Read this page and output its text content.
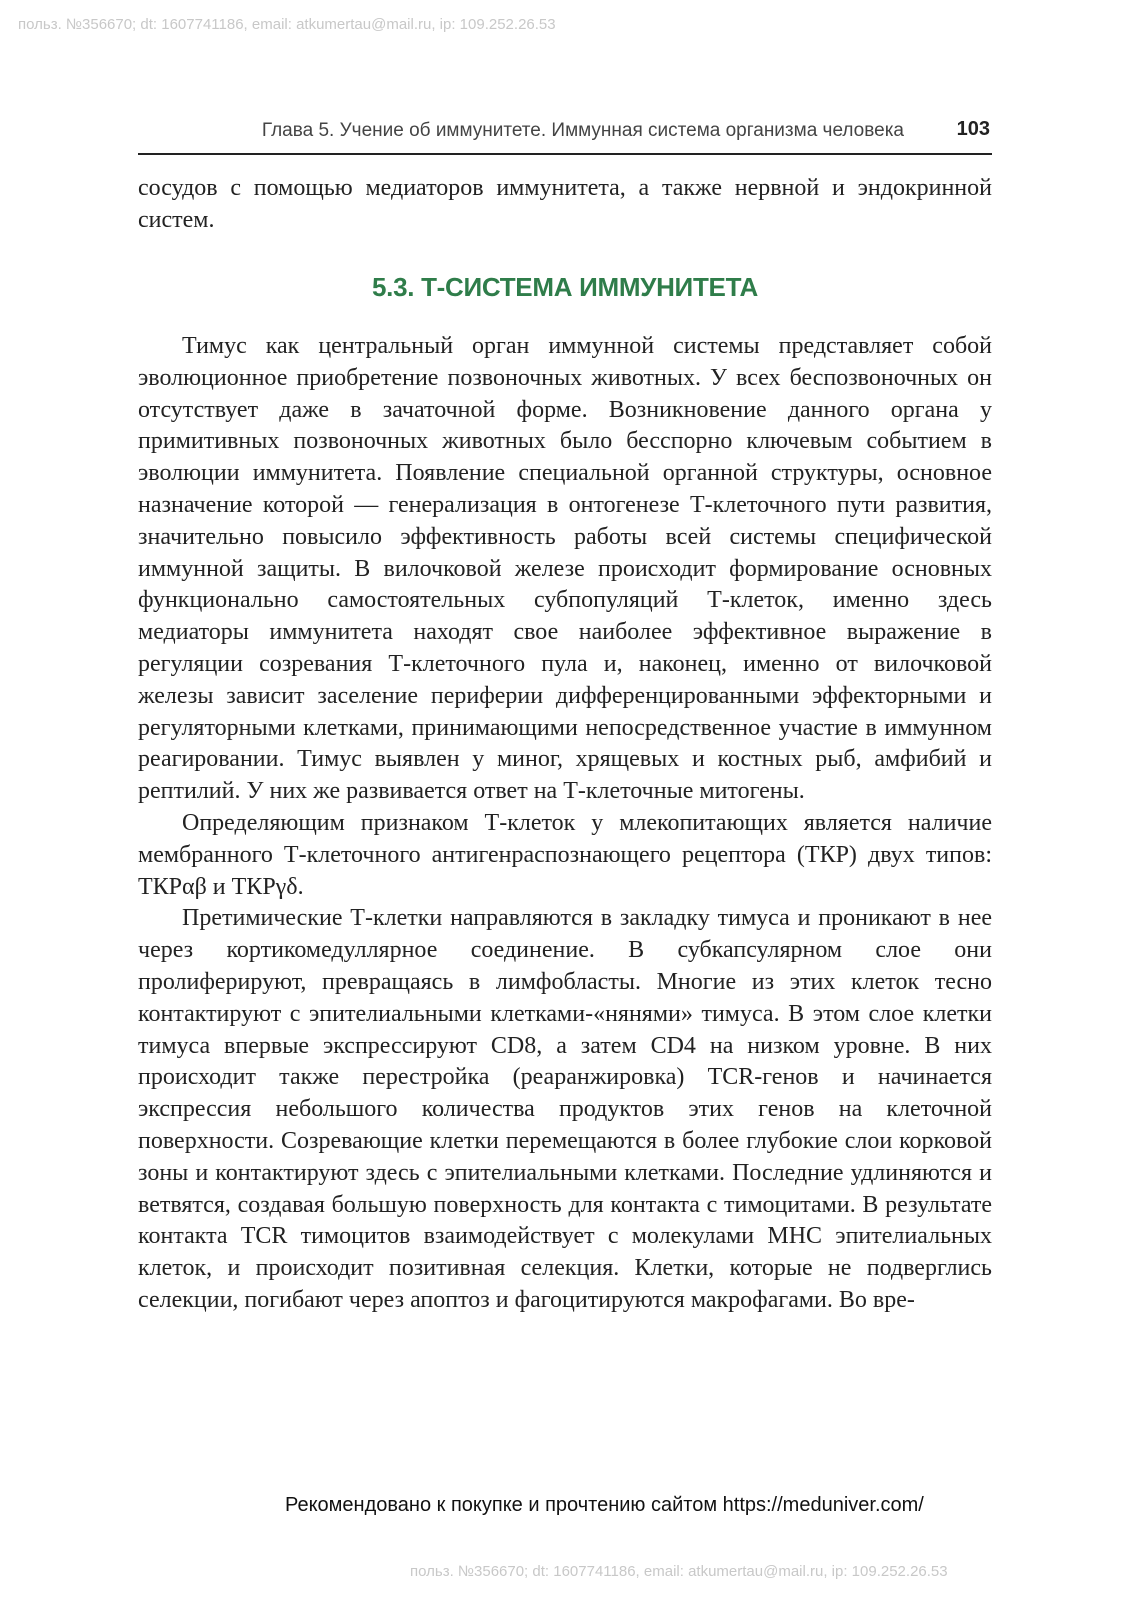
польз. №356670; dt: 1607741186, email: atkumertau@mail.ru, ip: 109.252.26.53
Глава 5. Учение об иммунитете. Иммунная система организма человека	103

сосудов с помощью медиаторов иммунитета, а также нервной и эндокринной систем.

5.3. Т-СИСТЕМА ИММУНИТЕТА

Тимус как центральный орган иммунной системы представляет собой эволюционное приобретение позвоночных животных. У всех беспозвоночных он отсутствует даже в зачаточной форме. Возникновение данного органа у примитивных позвоночных животных было бесспорно ключевым событием в эволюции иммунитета. Появление специальной органной структуры, основное назначение которой — генерализация в онтогенезе Т-клеточного пути развития, значительно повысило эффективность работы всей системы специфической иммунной защиты. В вилочковой железе происходит формирование основных функционально самостоятельных субпопуляций Т-клеток, именно здесь медиаторы иммунитета находят свое наиболее эффективное выражение в регуляции созревания Т-клеточного пула и, наконец, именно от вилочковой железы зависит заселение периферии дифференцированными эффекторными и регуляторными клетками, принимающими непосредственное участие в иммунном реагировании. Тимус выявлен у миног, хрящевых и костных рыб, амфибий и рептилий. У них же развивается ответ на Т-клеточные митогены.

Определяющим признаком Т-клеток у млекопитающих является наличие мембранного Т-клеточного антигенраспознающего рецептора (ТКР) двух типов: ТКРαβ и ТКРγδ.

Претимические Т-клетки направляются в закладку тимуса и проникают в нее через кортикомедуллярное соединение. В субкапсулярном слое они пролиферируют, превращаясь в лимфобласты. Многие из этих клеток тесно контактируют с эпителиальными клетками-«нянями» тимуса. В этом слое клетки тимуса впервые экспрессируют CD8, а затем CD4 на низком уровне. В них происходит также перестройка (реаранжировка) TCR-генов и начинается экспрессия небольшого количества продуктов этих генов на клеточной поверхности. Созревающие клетки перемещаются в более глубокие слои корковой зоны и контактируют здесь с эпителиальными клетками. Последние удлиняются и ветвятся, создавая большую поверхность для контакта с тимоцитами. В результате контакта TCR тимоцитов взаимодействует с молекулами MHC эпителиальных клеток, и происходит позитивная селекция. Клетки, которые не подверглись селекции, погибают через апоптоз и фагоцитируются макрофагами. Во вре-

Рекомендовано к покупке и прочтению сайтом https://meduniver.com/
польз. №356670; dt: 1607741186, email: atkumertau@mail.ru, ip: 109.252.26.53
